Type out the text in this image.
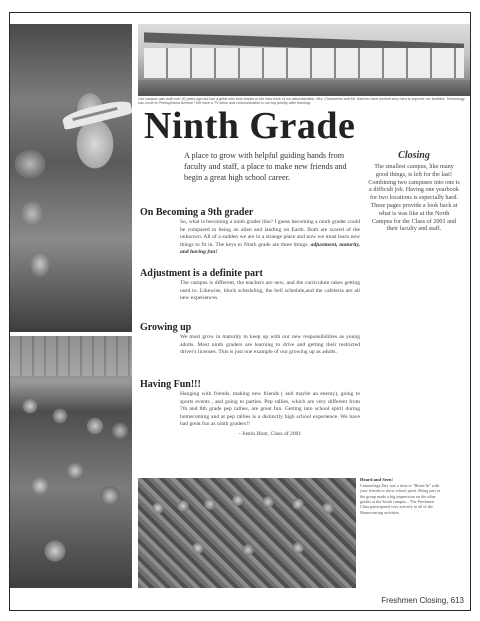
Our campus was built over 30 years ago but has a great new look thanks to the hard work of our administration, Mrs. Chamberlin and Mr. Hatcher have worked very hard to improve our facilities. Technology has come to Pennsylvania Avenue ! We have a TV show and communication is our top priority after learning.
Ninth Grade

A place to grow with helpful guiding hands from faculty and staff, a place to make new friends and begin a great high school career.

On Becoming a 9th grader

So, what is becoming a ninth grader like? I guess becoming a ninth grader could be compared to being an alien and landing on Earth. Both are scared of the unknown. All of a sudden we are in a strange place and now we must learn new things to fit in. The keys to Ninth grade are three things: adjustment, maturity, and having fun!

Adjustment is a definite part

The campus is different, the teachers are new, and the curriculum takes getting used to. Likewise, block scheduling, the bell schedule,and the cafeteria are all new experiences.

Growing up

We must grow in maturity to keep up with our new responsibilities as young adults. Most ninth graders are learning to drive and getting their restricted driver's licenses. This is just one example of our growing up as adults.

Having Fun!!!

Hanging with friends, making new friends ( and maybe an enemy), going to sports events , and going to parties. Pep rallies, which are very different from 7th and 8th grade pep rallies, are great fun. Getting into school spirit during homecoming and at pep rallies is a distinctly high school experience. We have had great fun as ninth graders!!
- Justin Hunt, Class of 2001

Closing

The smallest campus, like many good things, is left for the last! Combining two campuses into one is a difficult job. Having one yearbook for two locations is especially hard. These pages provide a look back at what is was like at the North Campus for the Class of 2001 and their faculty and staff.

Heard and Seen!

Camouflage Day was a time to "Blend In" with your friends to show school spirit. Being part of the group made a big impression on the other grades at the South campus... The Freshmen Class participated very actively in all of the Homecoming activities.

Freshmen Closing, 613
